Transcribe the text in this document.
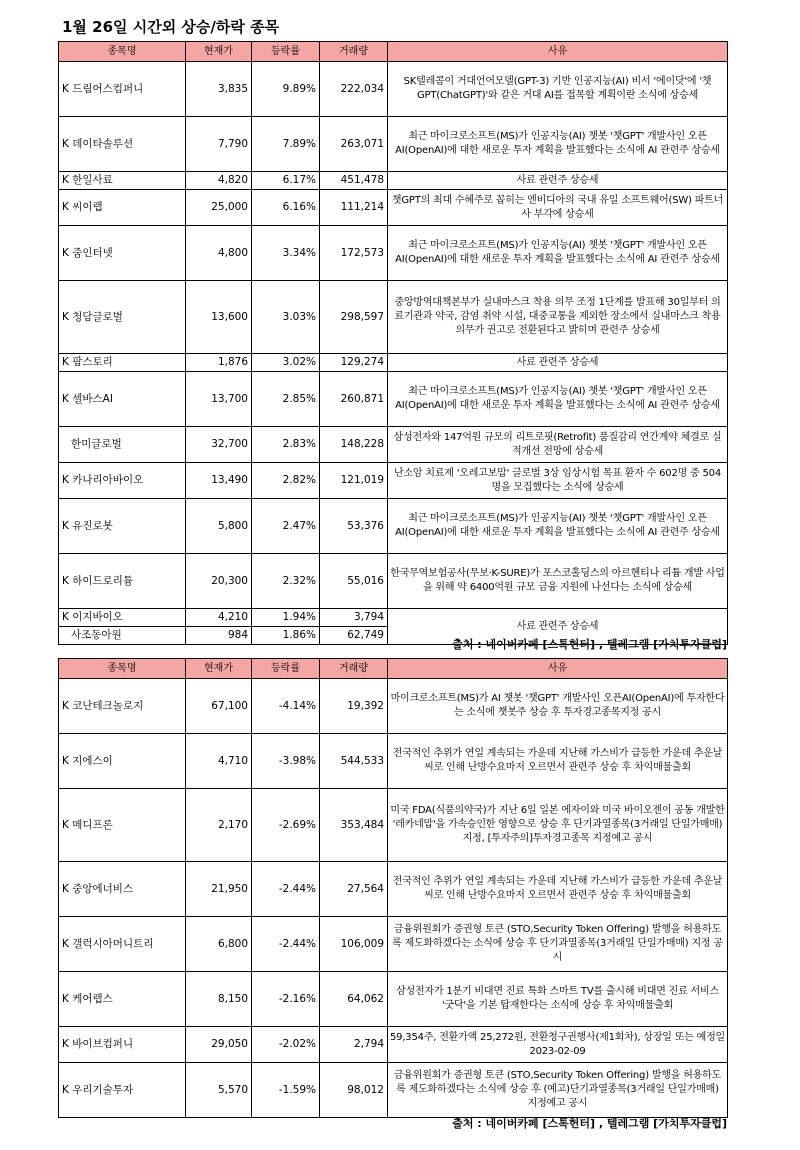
1월 26일 시간외 상승/하락 종목
종목명	현재가	등락률	거래량	사유
K 드림어스컴퍼니	3,835	9.89%	222,034	SK텔레콤이 거대언어모델(GPT-3) 기반 인공지능(AI) 비서 '에이닷'에 '챗GPT(ChatGPT)'와 같은 거대 AI를 접목할 계획이란 소식에 상승세
K 데이타솔루션	7,790	7.89%	263,071	최근 마이크로소프트(MS)가 인공지능(AI) 챗봇 '챗GPT' 개발사인 오픈AI(OpenAI)에 대한 새로운 투자 계획을 발표했다는 소식에 AI 관련주 상승세
K 한일사료	4,820	6.17%	451,478	사료 관련주 상승세
K 씨이랩	25,000	6.16%	111,214	챗GPT의 최대 수혜주로 꼽히는 엔비디아의 국내 유일 소프트웨어(SW) 파트너사 부각에 상승세
K 줌인터넷	4,800	3.34%	172,573	최근 마이크로소프트(MS)가 인공지능(AI) 챗봇 '챗GPT' 개발사인 오픈AI(OpenAI)에 대한 새로운 투자 계획을 발표했다는 소식에 AI 관련주 상승세
K 청담글로벌	13,600	3.03%	298,597	중앙방역대책본부가 실내마스크 착용 의무 조정 1단계를 발표해 30일부터 의료기관과 약국, 감염 취약 시설, 대중교통을 제외한 장소에서 실내마스크 착용 의무가 권고로 전환된다고 밝히며 관련주 상승세
K 팜스토리	1,876	3.02%	129,274	사료 관련주 상승세
K 셀바스AI	13,700	2.85%	260,871	최근 마이크로소프트(MS)가 인공지능(AI) 챗봇 '챗GPT' 개발사인 오픈AI(OpenAI)에 대한 새로운 투자 계획을 발표했다는 소식에 AI 관련주 상승세
한미글로벌	32,700	2.83%	148,228	삼성전자와 147억원 규모의 리트로핏(Retrofit) 품질감리 연간계약 체결로 실적개선 전망에 상승세
K 카나리아바이오	13,490	2.82%	121,019	난소암 치료제 '오레고보맙' 글로벌 3상 임상시험 목표 환자 수 602명 중 504명을 모집했다는 소식에 상승세
K 유진로봇	5,800	2.47%	53,376	최근 마이크로소프트(MS)가 인공지능(AI) 챗봇 '챗GPT' 개발사인 오픈AI(OpenAI)에 대한 새로운 투자 계획을 발표했다는 소식에 AI 관련주 상승세
K 하이드로리튬	20,300	2.32%	55,016	한국무역보험공사(무보·K-SURE)가 포스코홀딩스의 아르헨티나 리튬 개발 사업을 위해 약 6400억원 규모 금융 지원에 나선다는 소식에 상승세
K 이지바이오	4,210	1.94%	3,794	사료 관련주 상승세
사조동아원	984	1.86%	62,749	
출처 : 네이버카페 [스톡헌터] , 텔레그램 [가치투자클럽]
종목명	현재가	등락률	거래량	사유
K 코난테크놀로지	67,100	-4.14%	19,392	마이크로소프트(MS)가 AI 챗봇 '챗GPT' 개발사인 오픈AI(OpenAI)에 투자한다는 소식에 챗봇주 상승 후 투자경고종목지정 공시
K 지에스이	4,710	-3.98%	544,533	전국적인 추위가 연일 계속되는 가운데 지난해 가스비가 급등한 가운데 추운날씨로 인해 난방수요마저 오르면서 관련주 상승 후 차익매물출회
K 메디프론	2,170	-2.69%	353,484	미국 FDA(식품의약국)가 지난 6일 일본 에자이와 미국 바이오젠이 공동 개발한 '레카네맙'을 가속승인한 영향으로 상승 후 단기과열종목(3거래일 단일가매매) 지정, [투자주의]투자경고종목 지정예고 공시
K 중앙에너비스	21,950	-2.44%	27,564	전국적인 추위가 연일 계속되는 가운데 지난해 가스비가 급등한 가운데 추운날씨로 인해 난방수요마저 오르면서 관련주 상승 후 차익매물출회
K 갤럭시아머니트리	6,800	-2.44%	106,009	금융위원회가 증권형 토큰 (STO,Security Token Offering) 발행을 허용하도록 제도화하겠다는 소식에 상승 후 단기과열종목(3거래일 단일가매매) 지정 공시
K 케어랩스	8,150	-2.16%	64,062	삼성전자가 1분기 비대면 진료 특화 스마트 TV를 출시해 비대면 진료 서비스 '굿닥'을 기본 탑재한다는 소식에 상승 후 차익매물출회
K 바이브컴퍼니	29,050	-2.02%	2,794	59,354주, 전환가액 25,272원, 전환청구권행사(제1회차), 상장일 또는 예정일 2023-02-09
K 우리기술투자	5,570	-1.59%	98,012	금융위원회가 증권형 토큰 (STO,Security Token Offering) 발행을 허용하도록 제도화하겠다는 소식에 상승 후 (예고)단기과열종목(3거래일 단일가매매) 지정예고 공시
출처 : 네이버카페 [스톡헌터] , 텔레그램 [가치투자클럽]
